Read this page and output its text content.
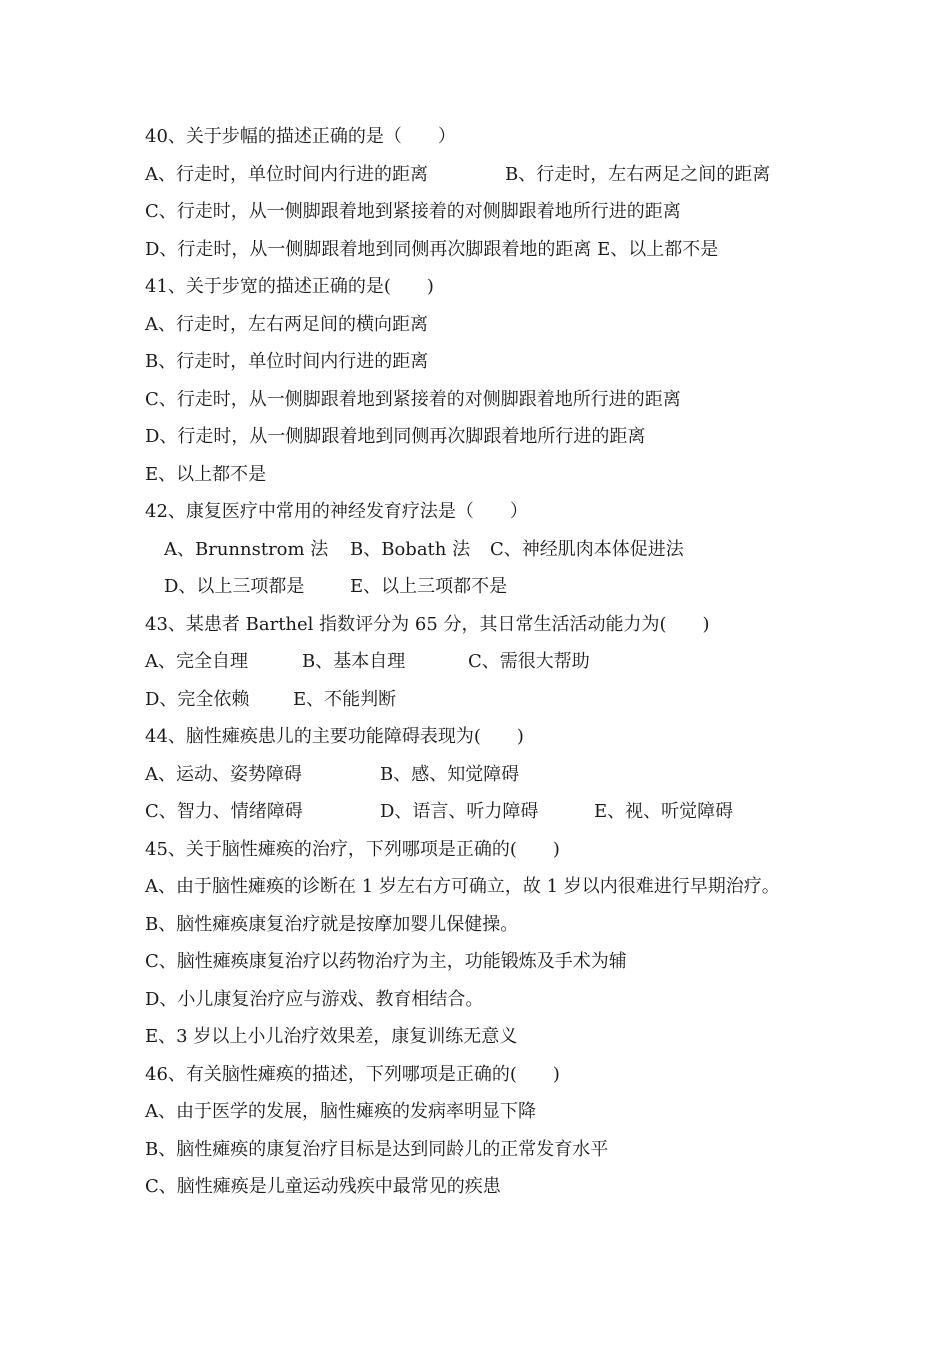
40、关于步幅的描述正确的是（　　）
A、行走时，单位时间内行进的距离	B、行走时，左右两足之间的距离
C、行走时，从一侧脚跟着地到紧接着的对侧脚跟着地所行进的距离
D、行走时，从一侧脚跟着地到同侧再次脚跟着地的距离 E、以上都不是
41、关于步宽的描述正确的是(　　)
A、行走时，左右两足间的横向距离
B、行走时，单位时间内行进的距离
C、行走时，从一侧脚跟着地到紧接着的对侧脚跟着地所行进的距离
D、行走时，从一侧脚跟着地到同侧再次脚跟着地所行进的距离
E、以上都不是
42、康复医疗中常用的神经发育疗法是（　　）
A、Brunnstrom 法 B、Bobath 法 C、神经肌肉本体促进法
D、以上三项都是	E、以上三项都不是
43、某患者 Barthel 指数评分为 65 分，其日常生活活动能力为(　　)
A、完全自理	B、基本自理	C、需很大帮助
D、完全依赖 E、不能判断
44、脑性瘫痪患儿的主要功能障碍表现为(　　)
A、运动、姿势障碍	B、感、知觉障碍
C、智力、情绪障碍	D、语言、听力障碍	E、视、听觉障碍
45、关于脑性瘫痪的治疗，下列哪项是正确的(　　)
A、由于脑性瘫痪的诊断在 1 岁左右方可确立，故 1 岁以内很难进行早期治疗。
B、脑性瘫痪康复治疗就是按摩加婴儿保健操。
C、脑性瘫痪康复治疗以药物治疗为主，功能锻炼及手术为辅
D、小儿康复治疗应与游戏、教育相结合。
E、3 岁以上小儿治疗效果差，康复训练无意义
46、有关脑性瘫痪的描述，下列哪项是正确的(　　)
A、由于医学的发展，脑性瘫痪的发病率明显下降
B、脑性瘫痪的康复治疗目标是达到同龄儿的正常发育水平
C、脑性瘫痪是儿童运动残疾中最常见的疾患
